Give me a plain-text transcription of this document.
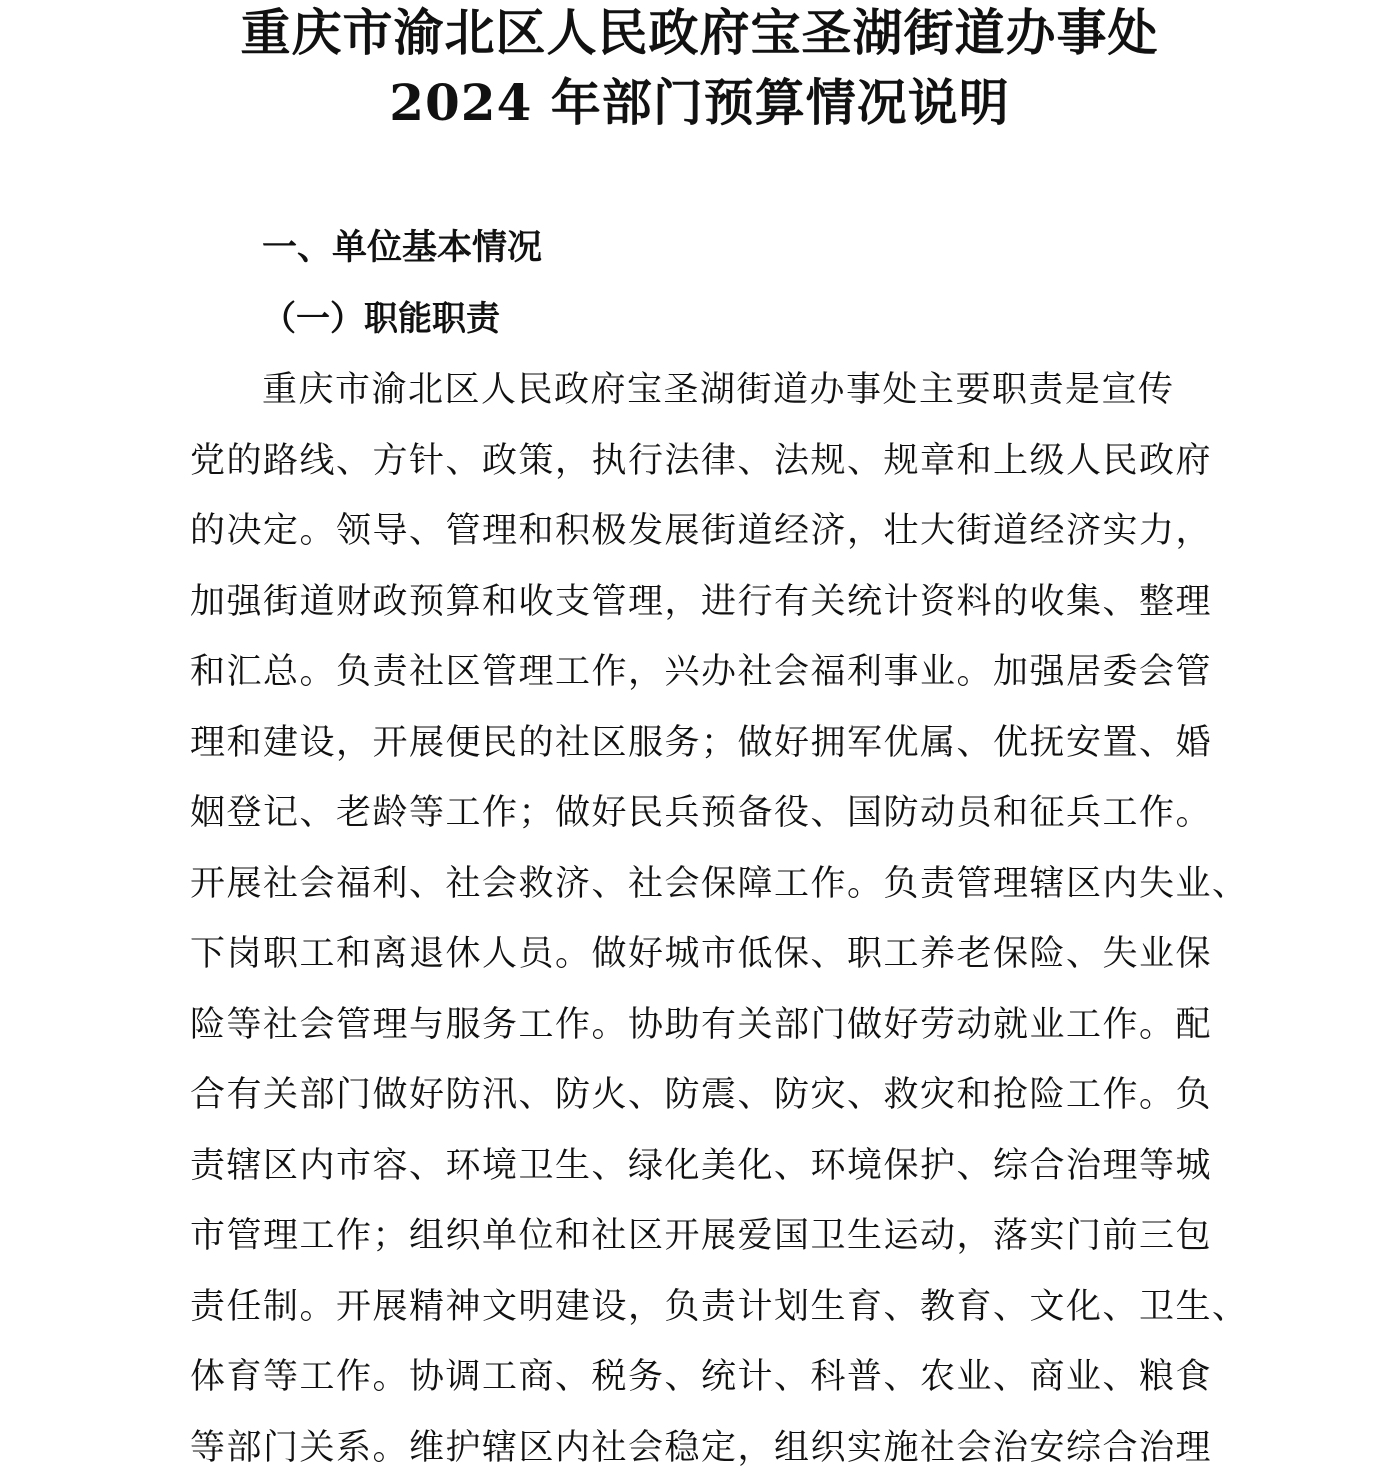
重庆市渝北区人民政府宝圣湖街道办事处
2024 年部门预算情况说明
一、单位基本情况
（一）职能职责
重庆市渝北区人民政府宝圣湖街道办事处主要职责是宣传
党的路线、方针、政策，执行法律、法规、规章和上级人民政府
的决定。领导、管理和积极发展街道经济，壮大街道经济实力，
加强街道财政预算和收支管理，进行有关统计资料的收集、整理
和汇总。负责社区管理工作，兴办社会福利事业。加强居委会管
理和建设，开展便民的社区服务；做好拥军优属、优抚安置、婚
姻登记、老龄等工作；做好民兵预备役、国防动员和征兵工作。
开展社会福利、社会救济、社会保障工作。负责管理辖区内失业、
下岗职工和离退休人员。做好城市低保、职工养老保险、失业保
险等社会管理与服务工作。协助有关部门做好劳动就业工作。配
合有关部门做好防汛、防火、防震、防灾、救灾和抢险工作。负
责辖区内市容、环境卫生、绿化美化、环境保护、综合治理等城
市管理工作；组织单位和社区开展爱国卫生运动，落实门前三包
责任制。开展精神文明建设，负责计划生育、教育、文化、卫生、
体育等工作。协调工商、税务、统计、科普、农业、商业、粮食
等部门关系。维护辖区内社会稳定，组织实施社会治安综合治理
